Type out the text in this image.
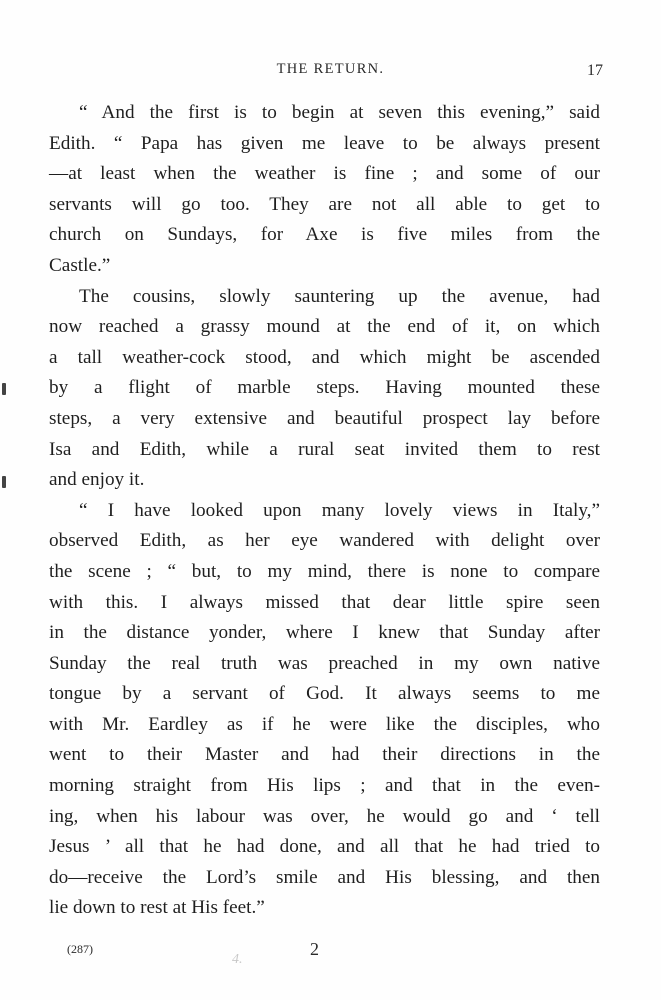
THE RETURN.	17
“ And the first is to begin at seven this evening,” said
Edith. “ Papa has given me leave to be always present
—at least when the weather is fine ; and some of our
servants will go too. They are not all able to get to
church on Sundays, for Axe is five miles from the
Castle.”
The cousins, slowly sauntering up the avenue, had
now reached a grassy mound at the end of it, on which
a tall weather-cock stood, and which might be ascended
by a flight of marble steps. Having mounted these
steps, a very extensive and beautiful prospect lay before
Isa and Edith, while a rural seat invited them to rest
and enjoy it.
“ I have looked upon many lovely views in Italy,”
observed Edith, as her eye wandered with delight over
the scene ; “ but, to my mind, there is none to compare
with this. I always missed that dear little spire seen
in the distance yonder, where I knew that Sunday after
Sunday the real truth was preached in my own native
tongue by a servant of God. It always seems to me
with Mr. Eardley as if he were like the disciples, who
went to their Master and had their directions in the
morning straight from His lips ; and that in the even-
ing, when his labour was over, he would go and ‘ tell
Jesus ’ all that he had done, and all that he had tried to
do—receive the Lord’s smile and His blessing, and then
lie down to rest at His feet.”
(287)	2
4.
